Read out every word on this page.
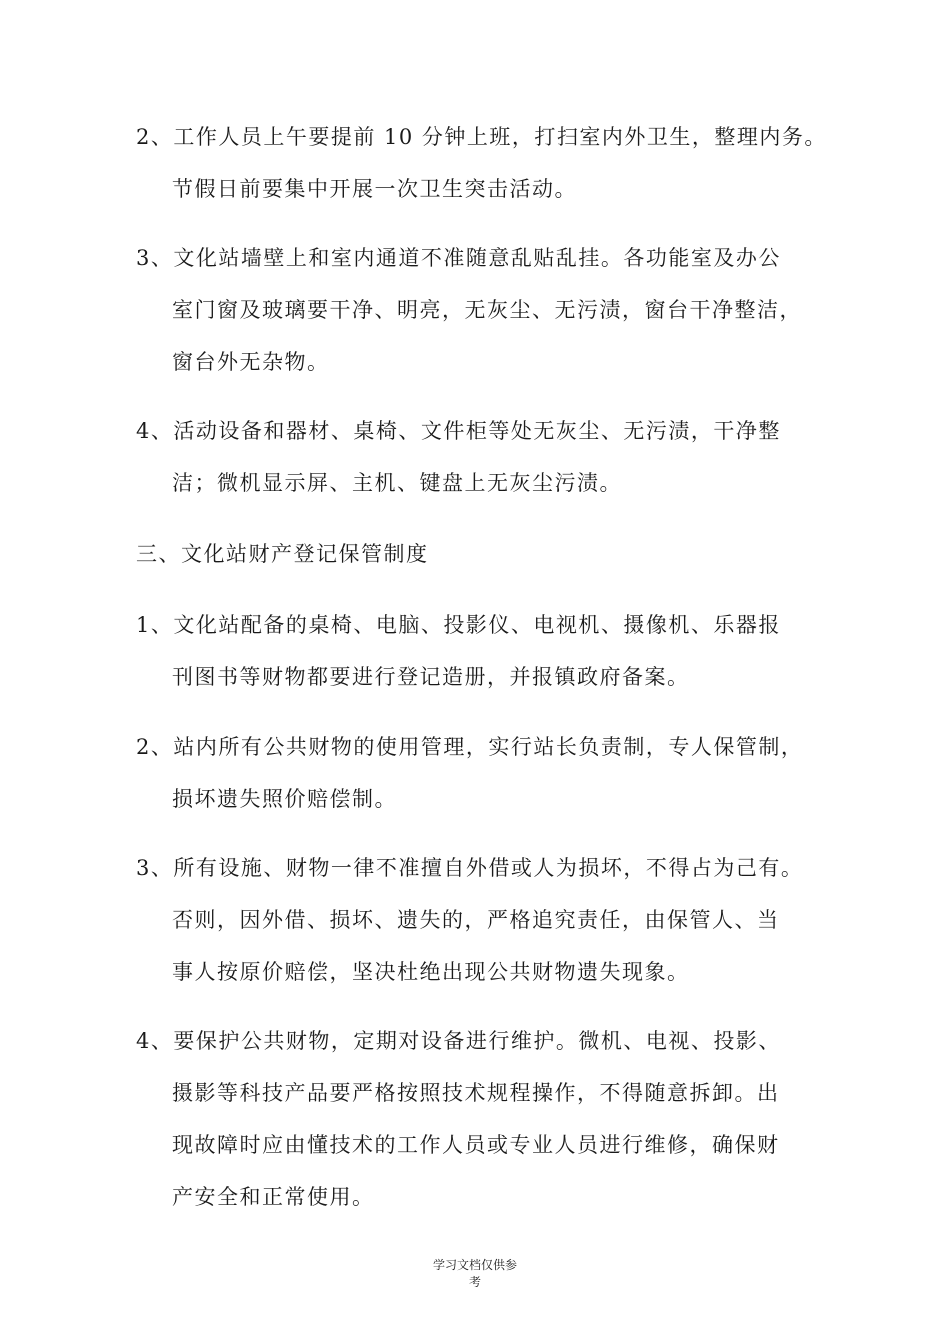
2、工作人员上午要提前 10 分钟上班，打扫室内外卫生，整理内务。
节假日前要集中开展一次卫生突击活动。
3、文化站墙壁上和室内通道不准随意乱贴乱挂。各功能室及办公
室门窗及玻璃要干净、明亮，无灰尘、无污渍，窗台干净整洁，
窗台外无杂物。
4、活动设备和器材、桌椅、文件柜等处无灰尘、无污渍，干净整
洁；微机显示屏、主机、键盘上无灰尘污渍。
三、文化站财产登记保管制度
1、文化站配备的桌椅、电脑、投影仪、电视机、摄像机、乐器报
刊图书等财物都要进行登记造册，并报镇政府备案。
2、站内所有公共财物的使用管理，实行站长负责制，专人保管制，
损坏遗失照价赔偿制。
3、所有设施、财物一律不准擅自外借或人为损坏，不得占为己有。
否则，因外借、损坏、遗失的，严格追究责任，由保管人、当
事人按原价赔偿，坚决杜绝出现公共财物遗失现象。
4、要保护公共财物，定期对设备进行维护。微机、电视、投影、
摄影等科技产品要严格按照技术规程操作，不得随意拆卸。出
现故障时应由懂技术的工作人员或专业人员进行维修，确保财
产安全和正常使用。
学习文档仅供参
考
